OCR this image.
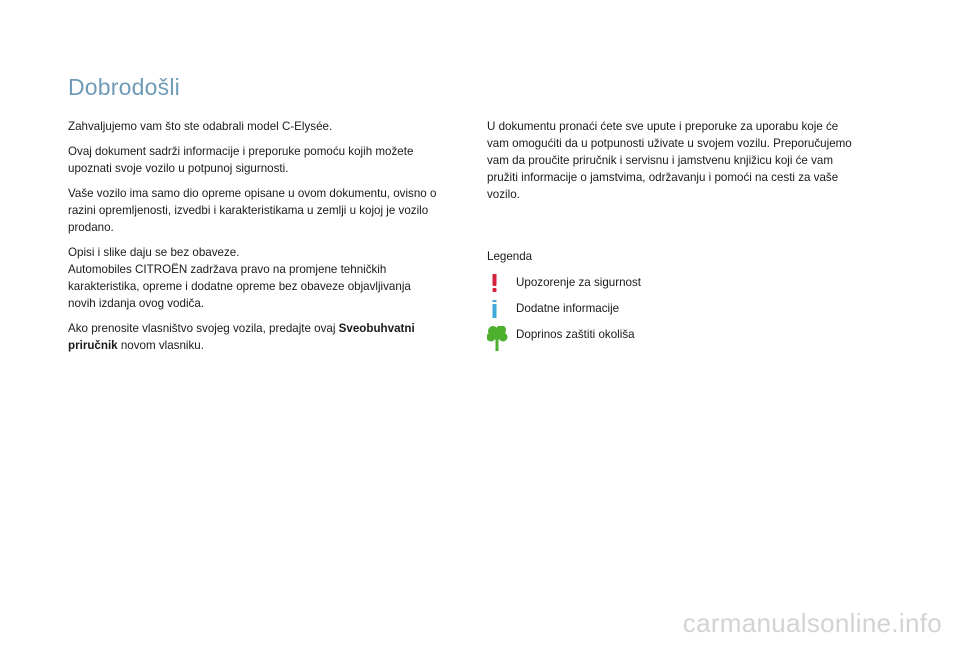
Dobrodošli

Zahvaljujemo vam što ste odabrali model C-Elysée.

Ovaj dokument sadrži informacije i preporuke pomoću kojih možete
upoznati svoje vozilo u potpunoj sigurnosti.

Vaše vozilo ima samo dio opreme opisane u ovom dokumentu, ovisno o
razini opremljenosti, izvedbi i karakteristikama u zemlji u kojoj je vozilo
prodano.

Opisi i slike daju se bez obaveze.
Automobiles CITROËN zadržava pravo na promjene tehničkih
karakteristika, opreme i dodatne opreme bez obaveze objavljivanja
novih izdanja ovog vodiča.

Ako prenosite vlasništvo svojeg vozila, predajte ovaj Sveobuhvatni
priručnik novom vlasniku.

U dokumentu pronaći ćete sve upute i preporuke za uporabu koje će
vam omogućiti da u potpunosti uživate u svojem vozilu. Preporučujemo
vam da proučite priručnik i servisnu i jamstvenu knjižicu koji će vam
pružiti informacije o jamstvima, održavanju i pomoći na cesti za vaše
vozilo.

Legenda
Upozorenje za sigurnost
Dodatne informacije
Doprinos zaštiti okoliša
carmanualsonline.info
